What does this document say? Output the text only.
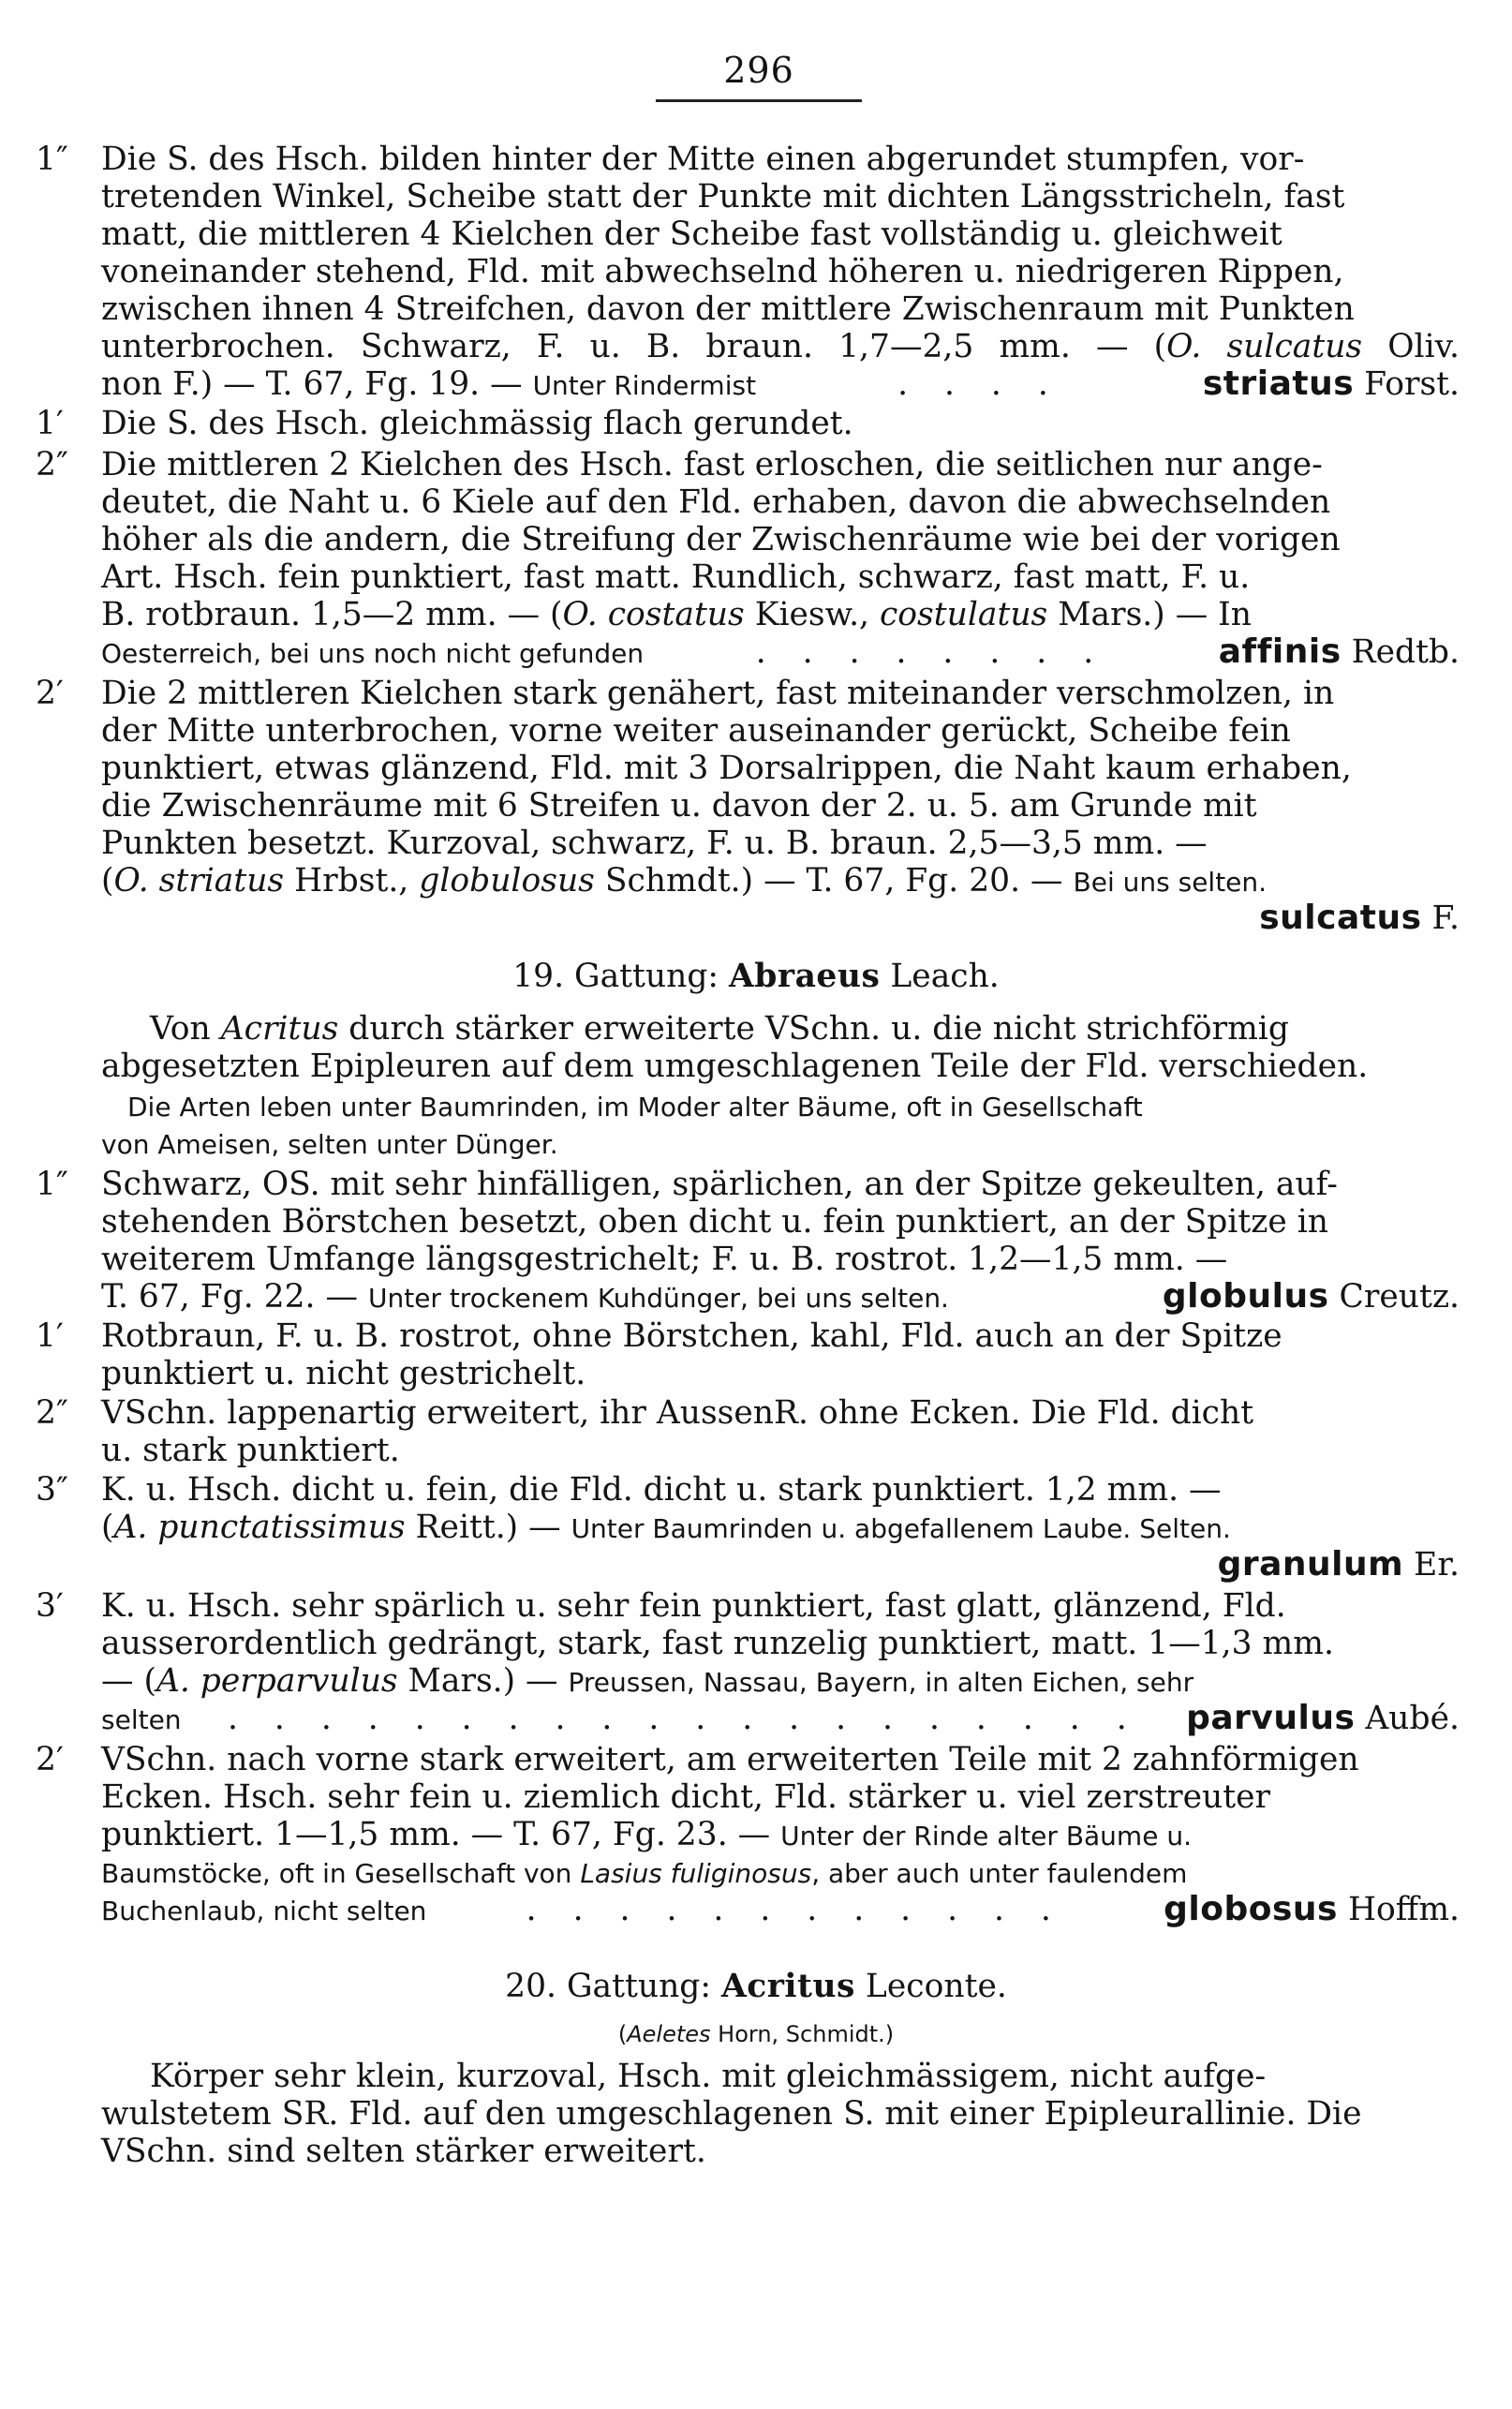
296
1″	Die S. des Hsch. bilden hinter der Mitte einen abgerundet stumpfen, vor-
tretenden Winkel, Scheibe statt der Punkte mit dichten Längsstricheln, fast
matt, die mittleren 4 Kielchen der Scheibe fast vollständig u. gleichweit
voneinander stehend, Fld. mit abwechselnd höheren u. niedrigeren Rippen,
zwischen ihnen 4 Streifchen, davon der mittlere Zwischenraum mit Punkten
unterbrochen. Schwarz, F. u. B. braun. 1,7—2,5 mm. — (O. sulcatus Oliv.
non F.) — T. 67, Fg. 19. — Unter Rindermist	. . . .	striatus Forst.
1′	Die S. des Hsch. gleichmässig flach gerundet.
2″	Die mittleren 2 Kielchen des Hsch. fast erloschen, die seitlichen nur ange-
deutet, die Naht u. 6 Kiele auf den Fld. erhaben, davon die abwechselnden
höher als die andern, die Streifung der Zwischenräume wie bei der vorigen
Art. Hsch. fein punktiert, fast matt. Rundlich, schwarz, fast matt, F. u.
B. rotbraun. 1,5—2 mm. — (O. costatus Kiesw., costulatus Mars.) — In
Oesterreich, bei uns noch nicht gefunden	. . . . . . . .	affinis Redtb.
2′	Die 2 mittleren Kielchen stark genähert, fast miteinander verschmolzen, in
der Mitte unterbrochen, vorne weiter auseinander gerückt, Scheibe fein
punktiert, etwas glänzend, Fld. mit 3 Dorsalrippen, die Naht kaum erhaben,
die Zwischenräume mit 6 Streifen u. davon der 2. u. 5. am Grunde mit
Punkten besetzt. Kurzoval, schwarz, F. u. B. braun. 2,5—3,5 mm. —
(O. striatus Hrbst., globulosus Schmdt.) — T. 67, Fg. 20. — Bei uns selten.
sulcatus F.
19. Gattung: Abraeus Leach.
Von Acritus durch stärker erweiterte VSchn. u. die nicht strichförmig
abgesetzten Epipleuren auf dem umgeschlagenen Teile der Fld. verschieden.
Die Arten leben unter Baumrinden, im Moder alter Bäume, oft in Gesellschaft
von Ameisen, selten unter Dünger.
1″	Schwarz, OS. mit sehr hinfälligen, spärlichen, an der Spitze gekeulten, auf-
stehenden Börstchen besetzt, oben dicht u. fein punktiert, an der Spitze in
weiterem Umfange längsgestrichelt; F. u. B. rostrot. 1,2—1,5 mm. —
T. 67, Fg. 22. — Unter trockenem Kuhdünger, bei uns selten.	globulus Creutz.
1′	Rotbraun, F. u. B. rostrot, ohne Börstchen, kahl, Fld. auch an der Spitze
punktiert u. nicht gestrichelt.
2″	VSchn. lappenartig erweitert, ihr AussenR. ohne Ecken. Die Fld. dicht
u. stark punktiert.
3″	K. u. Hsch. dicht u. fein, die Fld. dicht u. stark punktiert. 1,2 mm. —
(A. punctatissimus Reitt.) — Unter Baumrinden u. abgefallenem Laube. Selten.
granulum Er.
3′	K. u. Hsch. sehr spärlich u. sehr fein punktiert, fast glatt, glänzend, Fld.
ausserordentlich gedrängt, stark, fast runzelig punktiert, matt. 1—1,3 mm.
— (A. perparvulus Mars.) — Preussen, Nassau, Bayern, in alten Eichen, sehr
selten	. . . . . . . . . . . . . . . . . . . .	parvulus Aubé.
2′	VSchn. nach vorne stark erweitert, am erweiterten Teile mit 2 zahnförmigen
Ecken. Hsch. sehr fein u. ziemlich dicht, Fld. stärker u. viel zerstreuter
punktiert. 1—1,5 mm. — T. 67, Fg. 23. — Unter der Rinde alter Bäume u.
Baumstöcke, oft in Gesellschaft von Lasius fuliginosus, aber auch unter faulendem
Buchenlaub, nicht selten	. . . . . . . . . . . .	globosus Hoffm.
20. Gattung: Acritus Leconte.
(Aeletes Horn, Schmidt.)
Körper sehr klein, kurzoval, Hsch. mit gleichmässigem, nicht aufge-
wulstetem SR. Fld. auf den umgeschlagenen S. mit einer Epipleurallinie. Die
VSchn. sind selten stärker erweitert.
